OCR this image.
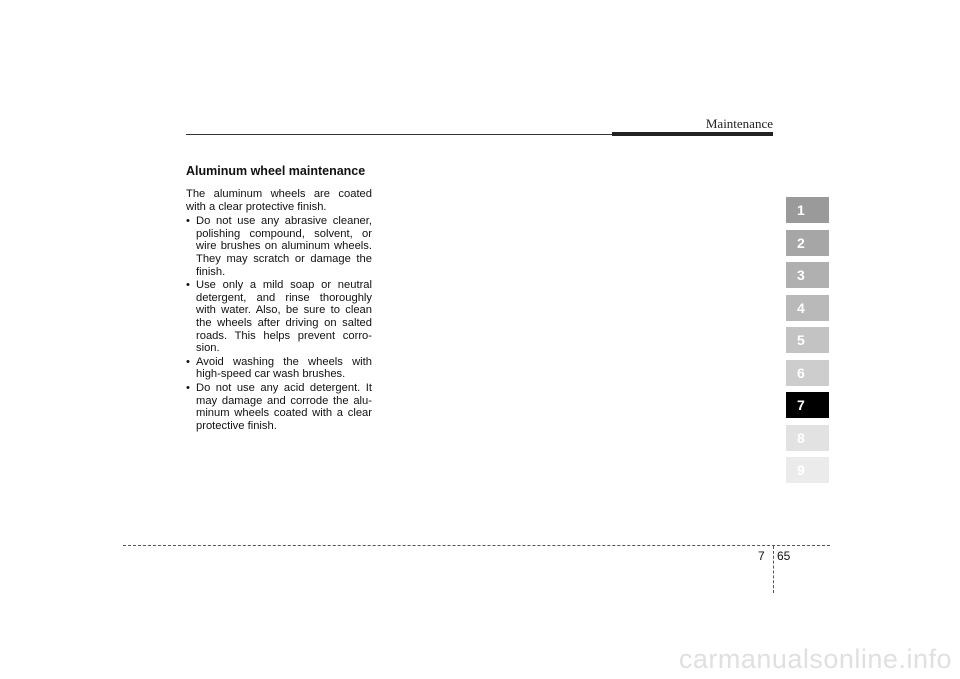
Maintenance
Aluminum wheel maintenance

The aluminum wheels are coated with a clear protective finish.

• Do not use any abrasive cleaner, polishing compound, solvent, or wire brushes on aluminum wheels. They may scratch or damage the finish.
• Use only a mild soap or neutral detergent, and rinse thoroughly with water. Also, be sure to clean the wheels after driving on salted roads. This helps prevent corro-sion.
• Avoid washing the wheels with high-speed car wash brushes.
• Do not use any acid detergent. It may damage and corrode the alu-minum wheels coated with a clear protective finish.
1
2
3
4
5
6
7
8
9
7 65
carmanualsonline.info
